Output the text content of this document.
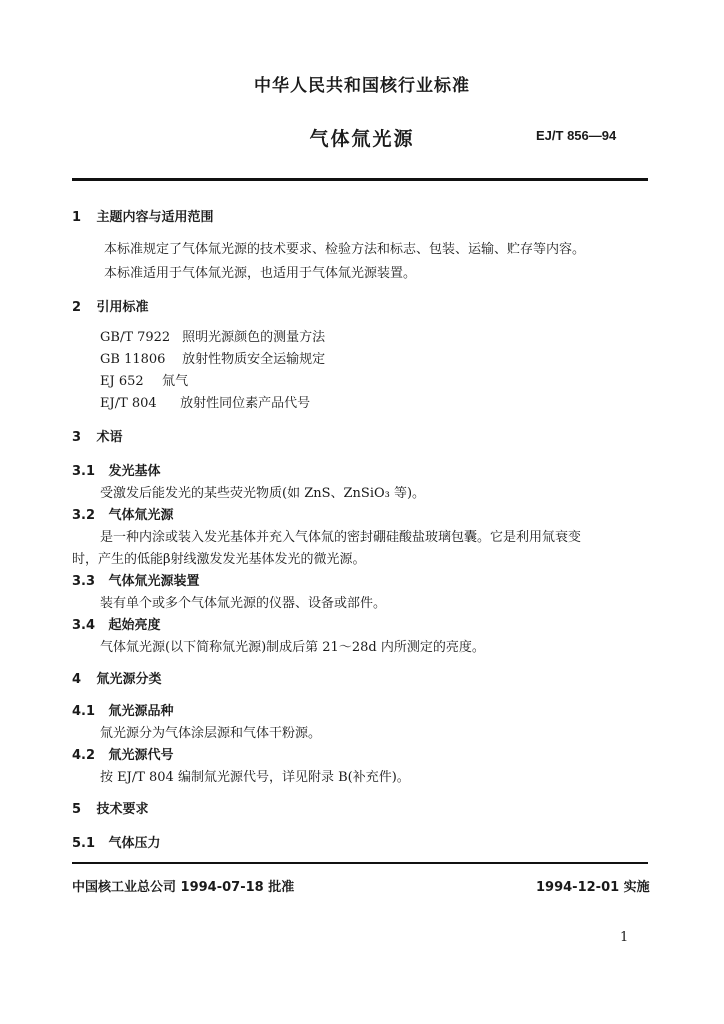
中华人民共和国核行业标准
气体氚光源	EJ/T 856—94
1 主题内容与适用范围
本标准规定了气体氚光源的技术要求、检验方法和标志、包装、运输、贮存等内容。
本标准适用于气体氚光源，也适用于气体氚光源装置。
2 引用标准
GB/T 7922 照明光源颜色的测量方法
GB 11806 放射性物质安全运输规定
EJ 652 氚气
EJ/T 804 放射性同位素产品代号
3 术语
3.1 发光基体
受激发后能发光的某些荧光物质(如 ZnS、ZnSiO₃ 等)。
3.2 气体氚光源
是一种内涂或装入发光基体并充入气体氚的密封硼硅酸盐玻璃包囊。它是利用氚衰变
时，产生的低能β射线激发发光基体发光的微光源。
3.3 气体氚光源装置
装有单个或多个气体氚光源的仪器、设备或部件。
3.4 起始亮度
气体氚光源(以下简称氚光源)制成后第 21～28d 内所测定的亮度。
4 氚光源分类
4.1 氚光源品种
氚光源分为气体涂层源和气体干粉源。
4.2 氚光源代号
按 EJ/T 804 编制氚光源代号，详见附录 B(补充件)。
5 技术要求
5.1 气体压力
中国核工业总公司 1994-07-18 批准	1994-12-01 实施
1
